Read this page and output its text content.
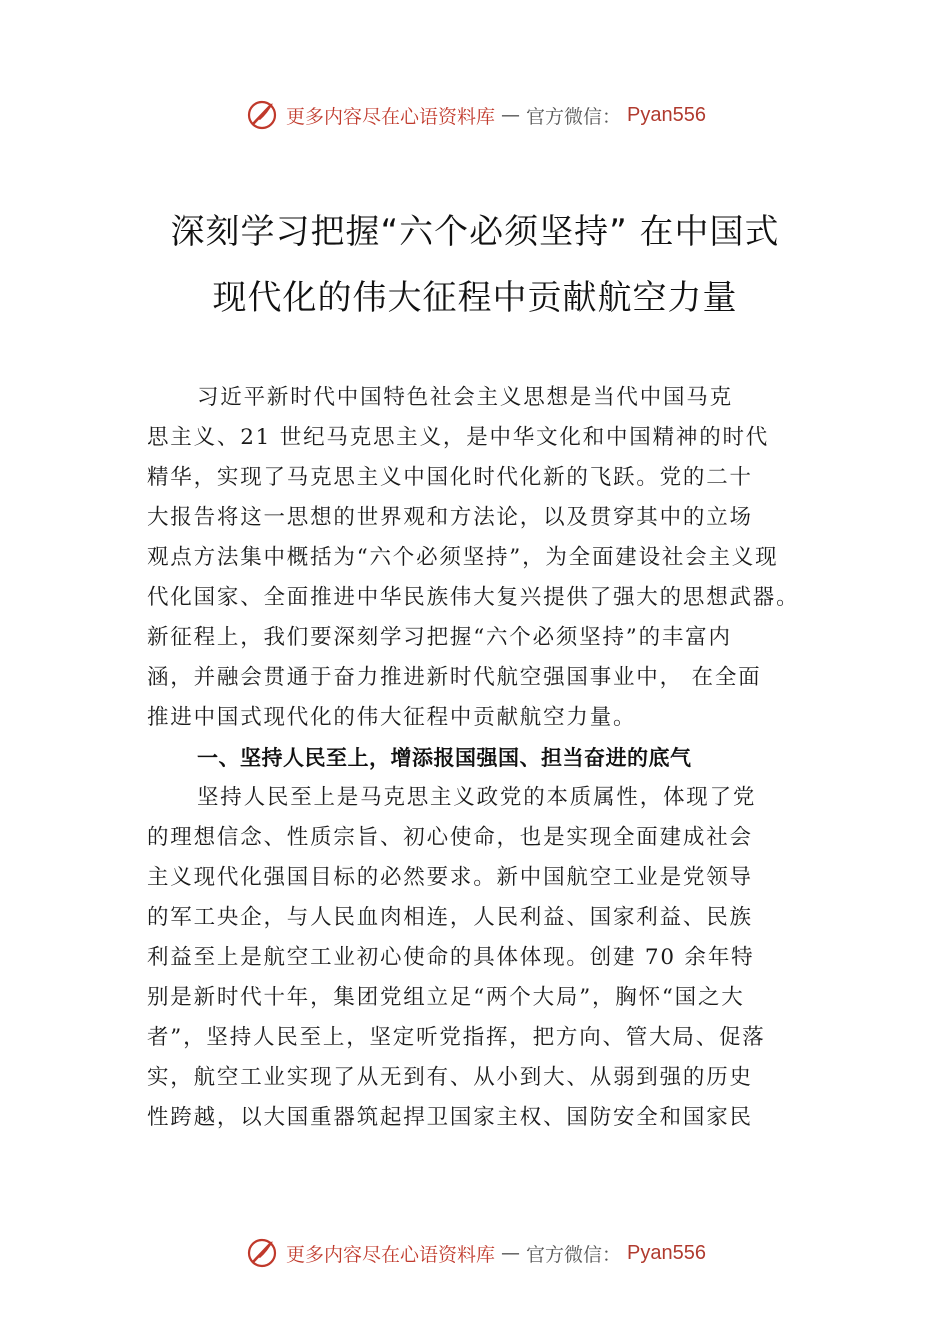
更多内容尽在心语资料库 — 官方微信： Pyan556
深刻学习把握“六个必须坚持” 在中国式
现代化的伟大征程中贡献航空力量
习近平新时代中国特色社会主义思想是当代中国马克
思主义、21 世纪马克思主义，是中华文化和中国精神的时代
精华，实现了马克思主义中国化时代化新的飞跃。党的二十
大报告将这一思想的世界观和方法论，以及贯穿其中的立场
观点方法集中概括为“六个必须坚持”，为全面建设社会主义现
代化国家、全面推进中华民族伟大复兴提供了强大的思想武器。
新征程上，我们要深刻学习把握“六个必须坚持”的丰富内
涵，并融会贯通于奋力推进新时代航空强国事业中， 在全面
推进中国式现代化的伟大征程中贡献航空力量。
一、坚持人民至上，增添报国强国、担当奋进的底气
坚持人民至上是马克思主义政党的本质属性，体现了党
的理想信念、性质宗旨、初心使命，也是实现全面建成社会
主义现代化强国目标的必然要求。新中国航空工业是党领导
的军工央企，与人民血肉相连，人民利益、国家利益、民族
利益至上是航空工业初心使命的具体体现。创建 70 余年特
别是新时代十年，集团党组立足“两个大局”，胸怀“国之大
者”，坚持人民至上，坚定听党指挥，把方向、管大局、促落
实，航空工业实现了从无到有、从小到大、从弱到强的历史
性跨越，以大国重器筑起捍卫国家主权、国防安全和国家民
更多内容尽在心语资料库 — 官方微信： Pyan556
